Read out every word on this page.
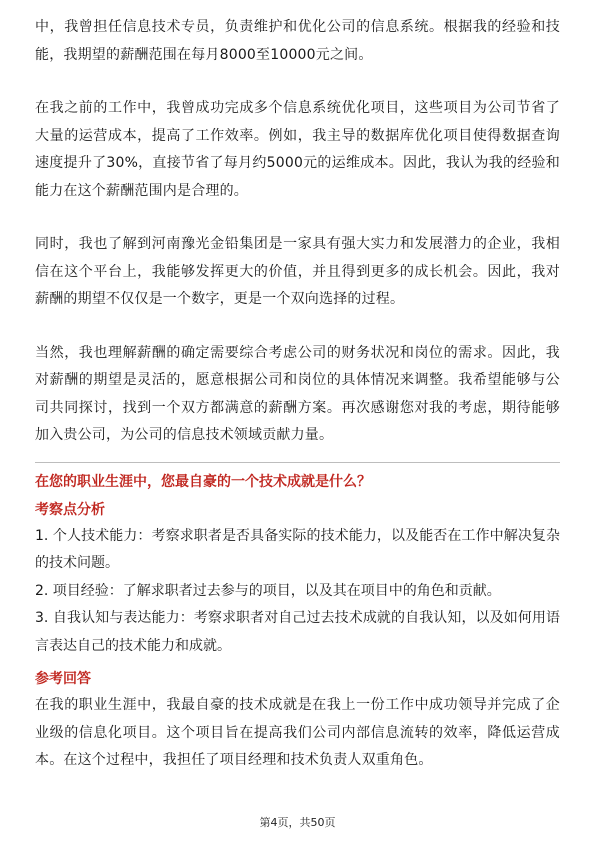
中，我曾担任信息技术专员，负责维护和优化公司的信息系统。根据我的经验和技能，我期望的薪酬范围在每月8000至10000元之间。

在我之前的工作中，我曾成功完成多个信息系统优化项目，这些项目为公司节省了大量的运营成本，提高了工作效率。例如，我主导的数据库优化项目使得数据查询速度提升了30%，直接节省了每月约5000元的运维成本。因此，我认为我的经验和能力在这个薪酬范围内是合理的。

同时，我也了解到河南豫光金铅集团是一家具有强大实力和发展潜力的企业，我相信在这个平台上，我能够发挥更大的价值，并且得到更多的成长机会。因此，我对薪酬的期望不仅仅是一个数字，更是一个双向选择的过程。

当然，我也理解薪酬的确定需要综合考虑公司的财务状况和岗位的需求。因此，我对薪酬的期望是灵活的，愿意根据公司和岗位的具体情况来调整。我希望能够与公司共同探讨，找到一个双方都满意的薪酬方案。再次感谢您对我的考虑，期待能够加入贵公司，为公司的信息技术领域贡献力量。

在您的职业生涯中，您最自豪的一个技术成就是什么？

考察点分析

1. 个人技术能力：考察求职者是否具备实际的技术能力，以及能否在工作中解决复杂的技术问题。

2. 项目经验：了解求职者过去参与的项目，以及其在项目中的角色和贡献。

3. 自我认知与表达能力：考察求职者对自己过去技术成就的自我认知，以及如何用语言表达自己的技术能力和成就。

参考回答

在我的职业生涯中，我最自豪的技术成就是在我上一份工作中成功领导并完成了企业级的信息化项目。这个项目旨在提高我们公司内部信息流转的效率，降低运营成本。在这个过程中，我担任了项目经理和技术负责人双重角色。

第4页，共50页
